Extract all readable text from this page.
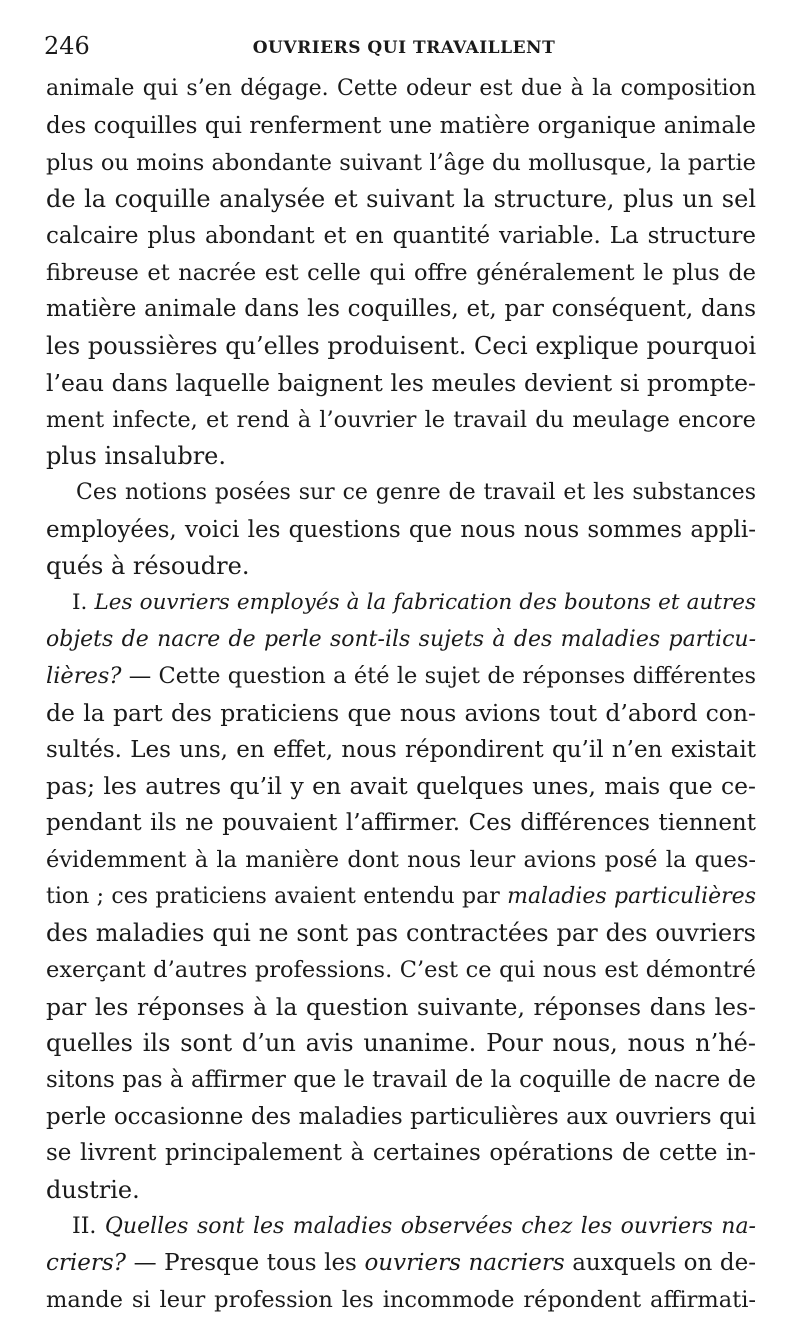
246	OUVRIERS QUI TRAVAILLENT
animale qui s’en dégage. Cette odeur est due à la composition
des coquilles qui renferment une matière organique animale
plus ou moins abondante suivant l’âge du mollusque, la partie
de la coquille analysée et suivant la structure, plus un sel
calcaire plus abondant et en quantité variable. La structure
fibreuse et nacrée est celle qui offre généralement le plus de
matière animale dans les coquilles, et, par conséquent, dans
les poussières qu’elles produisent. Ceci explique pourquoi
l’eau dans laquelle baignent les meules devient si prompte-
ment infecte, et rend à l’ouvrier le travail du meulage encore
plus insalubre.
Ces notions posées sur ce genre de travail et les substances
employées, voici les questions que nous nous sommes appli-
qués à résoudre.
I. Les ouvriers employés à la fabrication des boutons et autres
objets de nacre de perle sont-ils sujets à des maladies particu-
lières? — Cette question a été le sujet de réponses différentes
de la part des praticiens que nous avions tout d’abord con-
sultés. Les uns, en effet, nous répondirent qu’il n’en existait
pas; les autres qu’il y en avait quelques unes, mais que ce-
pendant ils ne pouvaient l’affirmer. Ces différences tiennent
évidemment à la manière dont nous leur avions posé la ques-
tion ; ces praticiens avaient entendu par maladies particulières
des maladies qui ne sont pas contractées par des ouvriers
exerçant d’autres professions. C’est ce qui nous est démontré
par les réponses à la question suivante, réponses dans les-
quelles ils sont d’un avis unanime. Pour nous, nous n’hé-
sitons pas à affirmer que le travail de la coquille de nacre de
perle occasionne des maladies particulières aux ouvriers qui
se livrent principalement à certaines opérations de cette in-
dustrie.
II. Quelles sont les maladies observées chez les ouvriers na-
criers? — Presque tous les ouvriers nacriers auxquels on de-
mande si leur profession les incommode répondent affirmati-
